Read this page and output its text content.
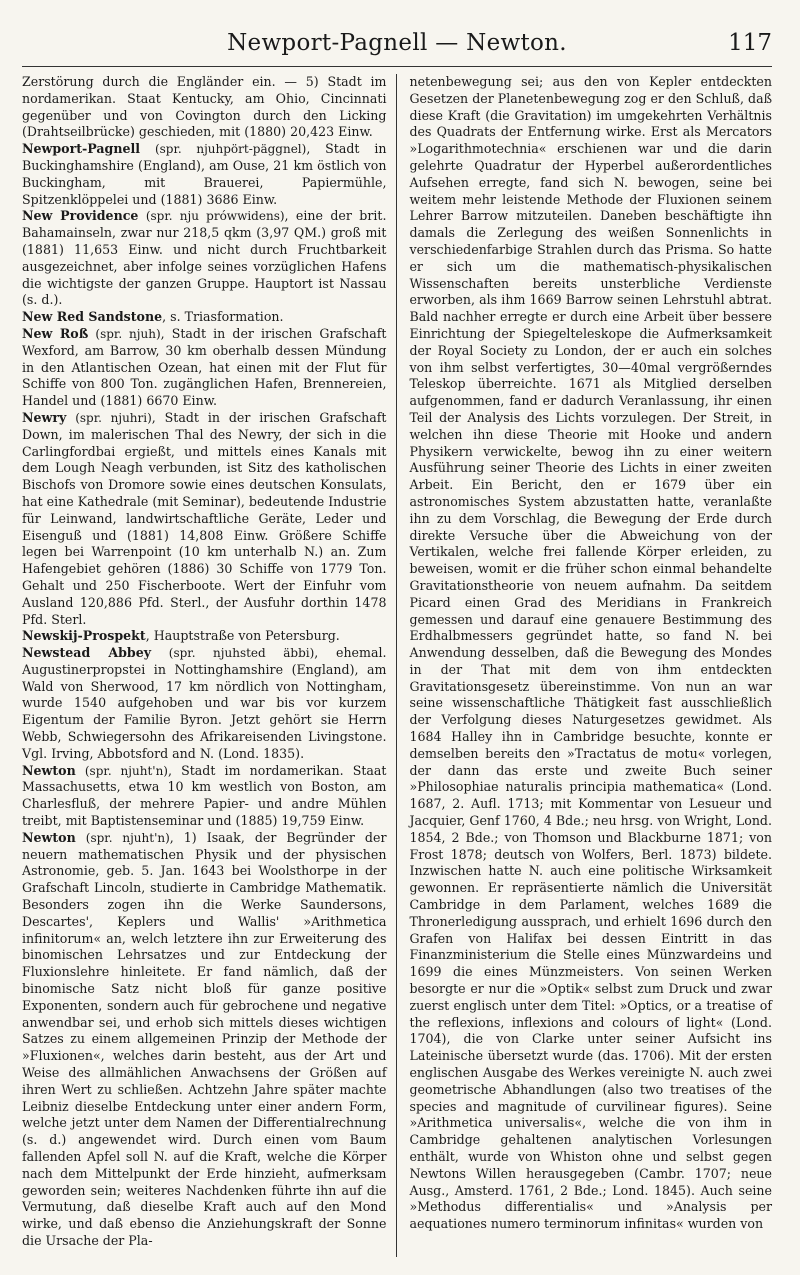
Newport-Pagnell — Newton.	117

Zerstörung durch die Engländer ein. — 5) Stadt im nordamerikan. Staat Kentucky, am Ohio, Cincinnati gegenüber und von Covington durch den Licking (Drahtseilbrücke) geschieden, mit (1880) 20,423 Einw.

Newport-Pagnell (spr. njuhpört-päggnel), Stadt in Buckinghamshire (England), am Ouse, 21 km östlich von Buckingham, mit Brauerei, Papiermühle, Spitzenklöppelei und (1881) 3686 Einw.

New Providence (spr. nju prówwidens), eine der brit. Bahamainseln, zwar nur 218,5 qkm (3,97 QM.) groß mit (1881) 11,653 Einw. und nicht durch Fruchtbarkeit ausgezeichnet, aber infolge seines vorzüglichen Hafens die wichtigste der ganzen Gruppe. Hauptort ist Nassau (s. d.).

New Red Sandstone, s. Triasformation.

New Roß (spr. njuh), Stadt in der irischen Grafschaft Wexford, am Barrow, 30 km oberhalb dessen Mündung in den Atlantischen Ozean, hat einen mit der Flut für Schiffe von 800 Ton. zugänglichen Hafen, Brennereien, Handel und (1881) 6670 Einw.

Newry (spr. njuhri), Stadt in der irischen Grafschaft Down, im malerischen Thal des Newry, der sich in die Carlingfordbai ergießt, und mittels eines Kanals mit dem Lough Neagh verbunden, ist Sitz des katholischen Bischofs von Dromore sowie eines deutschen Konsulats, hat eine Kathedrale (mit Seminar), bedeutende Industrie für Leinwand, landwirtschaftliche Geräte, Leder und Eisenguß und (1881) 14,808 Einw. Größere Schiffe legen bei Warrenpoint (10 km unterhalb N.) an. Zum Hafengebiet gehören (1886) 30 Schiffe von 1779 Ton. Gehalt und 250 Fischerboote. Wert der Einfuhr vom Ausland 120,886 Pfd. Sterl., der Ausfuhr dorthin 1478 Pfd. Sterl.

Newskij-Prospekt, Hauptstraße von Petersburg.

Newstead Abbey (spr. njuhsted äbbi), ehemal. Augustinerpropstei in Nottinghamshire (England), am Wald von Sherwood, 17 km nördlich von Nottingham, wurde 1540 aufgehoben und war bis vor kurzem Eigentum der Familie Byron. Jetzt gehört sie Herrn Webb, Schwiegersohn des Afrikareisenden Livingstone. Vgl. Irving, Abbotsford and N. (Lond. 1835).

Newton (spr. njuht'n), Stadt im nordamerikan. Staat Massachusetts, etwa 10 km westlich von Boston, am Charlesfluß, der mehrere Papier- und andre Mühlen treibt, mit Baptistenseminar und (1885) 19,759 Einw.

Newton (spr. njuht'n), 1) Isaak, der Begründer der neuern mathematischen Physik und der physischen Astronomie, geb. 5. Jan. 1643 bei Woolsthorpe in der Grafschaft Lincoln, studierte in Cambridge Mathematik. Besonders zogen ihn die Werke Saundersons, Descartes', Keplers und Wallis' »Arithmetica infinitorum« an, welch letztere ihn zur Erweiterung des binomischen Lehrsatzes und zur Entdeckung der Fluxionslehre hinleitete. Er fand nämlich, daß der binomische Satz nicht bloß für ganze positive Exponenten, sondern auch für gebrochene und negative anwendbar sei, und erhob sich mittels dieses wichtigen Satzes zu einem allgemeinen Prinzip der Methode der »Fluxionen«, welches darin besteht, aus der Art und Weise des allmählichen Anwachsens der Größen auf ihren Wert zu schließen. Achtzehn Jahre später machte Leibniz dieselbe Entdeckung unter einer andern Form, welche jetzt unter dem Namen der Differentialrechnung (s. d.) angewendet wird. Durch einen vom Baum fallenden Apfel soll N. auf die Kraft, welche die Körper nach dem Mittelpunkt der Erde hinzieht, aufmerksam geworden sein; weiteres Nachdenken führte ihn auf die Vermutung, daß dieselbe Kraft auch auf den Mond wirke, und daß ebenso die Anziehungskraft der Sonne die Ursache der Pla-

netenbewegung sei; aus den von Kepler entdeckten Gesetzen der Planetenbewegung zog er den Schluß, daß diese Kraft (die Gravitation) im umgekehrten Verhältnis des Quadrats der Entfernung wirke. Erst als Mercators »Logarithmotechnia« erschienen war und die darin gelehrte Quadratur der Hyperbel außerordentliches Aufsehen erregte, fand sich N. bewogen, seine bei weitem mehr leistende Methode der Fluxionen seinem Lehrer Barrow mitzuteilen. Daneben beschäftigte ihn damals die Zerlegung des weißen Sonnenlichts in verschiedenfarbige Strahlen durch das Prisma. So hatte er sich um die mathematisch-physikalischen Wissenschaften bereits unsterbliche Verdienste erworben, als ihm 1669 Barrow seinen Lehrstuhl abtrat. Bald nachher erregte er durch eine Arbeit über bessere Einrichtung der Spiegelteleskope die Aufmerksamkeit der Royal Society zu London, der er auch ein solches von ihm selbst verfertigtes, 30—40mal vergrößerndes Teleskop überreichte. 1671 als Mitglied derselben aufgenommen, fand er dadurch Veranlassung, ihr einen Teil der Analysis des Lichts vorzulegen. Der Streit, in welchen ihn diese Theorie mit Hooke und andern Physikern verwickelte, bewog ihn zu einer weitern Ausführung seiner Theorie des Lichts in einer zweiten Arbeit. Ein Bericht, den er 1679 über ein astronomisches System abzustatten hatte, veranlaßte ihn zu dem Vorschlag, die Bewegung der Erde durch direkte Versuche über die Abweichung von der Vertikalen, welche frei fallende Körper erleiden, zu beweisen, womit er die früher schon einmal behandelte Gravitationstheorie von neuem aufnahm. Da seitdem Picard einen Grad des Meridians in Frankreich gemessen und darauf eine genauere Bestimmung des Erdhalbmessers gegründet hatte, so fand N. bei Anwendung desselben, daß die Bewegung des Mondes in der That mit dem von ihm entdeckten Gravitationsgesetz übereinstimme. Von nun an war seine wissenschaftliche Thätigkeit fast ausschließlich der Verfolgung dieses Naturgesetzes gewidmet. Als 1684 Halley ihn in Cambridge besuchte, konnte er demselben bereits den »Tractatus de motu« vorlegen, der dann das erste und zweite Buch seiner »Philosophiae naturalis principia mathematica« (Lond. 1687, 2. Aufl. 1713; mit Kommentar von Lesueur und Jacquier, Genf 1760, 4 Bde.; neu hrsg. von Wright, Lond. 1854, 2 Bde.; von Thomson und Blackburne 1871; von Frost 1878; deutsch von Wolfers, Berl. 1873) bildete. Inzwischen hatte N. auch eine politische Wirksamkeit gewonnen. Er repräsentierte nämlich die Universität Cambridge in dem Parlament, welches 1689 die Thronerledigung aussprach, und erhielt 1696 durch den Grafen von Halifax bei dessen Eintritt in das Finanzministerium die Stelle eines Münzwardeins und 1699 die eines Münzmeisters. Von seinen Werken besorgte er nur die »Optik« selbst zum Druck und zwar zuerst englisch unter dem Titel: »Optics, or a treatise of the reflexions, inflexions and colours of light« (Lond. 1704), die von Clarke unter seiner Aufsicht ins Lateinische übersetzt wurde (das. 1706). Mit der ersten englischen Ausgabe des Werkes vereinigte N. auch zwei geometrische Abhandlungen (also two treatises of the species and magnitude of curvilinear figures). Seine »Arithmetica universalis«, welche die von ihm in Cambridge gehaltenen analytischen Vorlesungen enthält, wurde von Whiston ohne und selbst gegen Newtons Willen herausgegeben (Cambr. 1707; neue Ausg., Amsterd. 1761, 2 Bde.; Lond. 1845). Auch seine »Methodus differentialis« und »Analysis per aequationes numero terminorum infinitas« wurden von
